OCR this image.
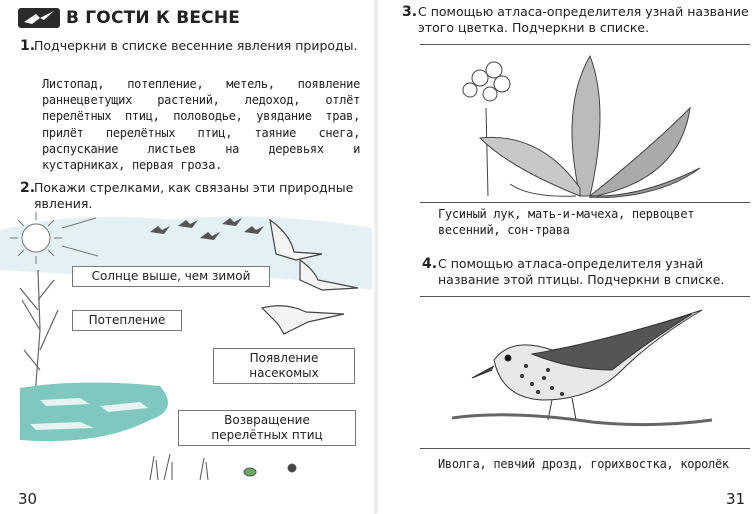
В ГОСТИ К ВЕСНЕ
1.
Подчеркни в списке весенние явления природы.
Листопад, потепление, метель, появление раннецветущих растений, ледоход, отлёт перелётных птиц, половодье, увядание трав, прилёт перелётных птиц, таяние снега, распускание листьев на деревьях и кустарниках, первая гроза.
2.
Покажи стрелками, как связаны эти природные явления.
Солнце выше, чем зимой
Потепление
Появление насекомых
Возвращение перелётных птиц
30
3. С помощью атласа-определителя узнай название этого цветка. Подчеркни в списке.
Гусиный лук, мать-и-мачеха, первоцвет весенний, сон-трава
4. С помощью атласа-определителя узнай название этой птицы. Подчеркни в списке.
Иволга, певчий дрозд, горихвостка, королёк
31
